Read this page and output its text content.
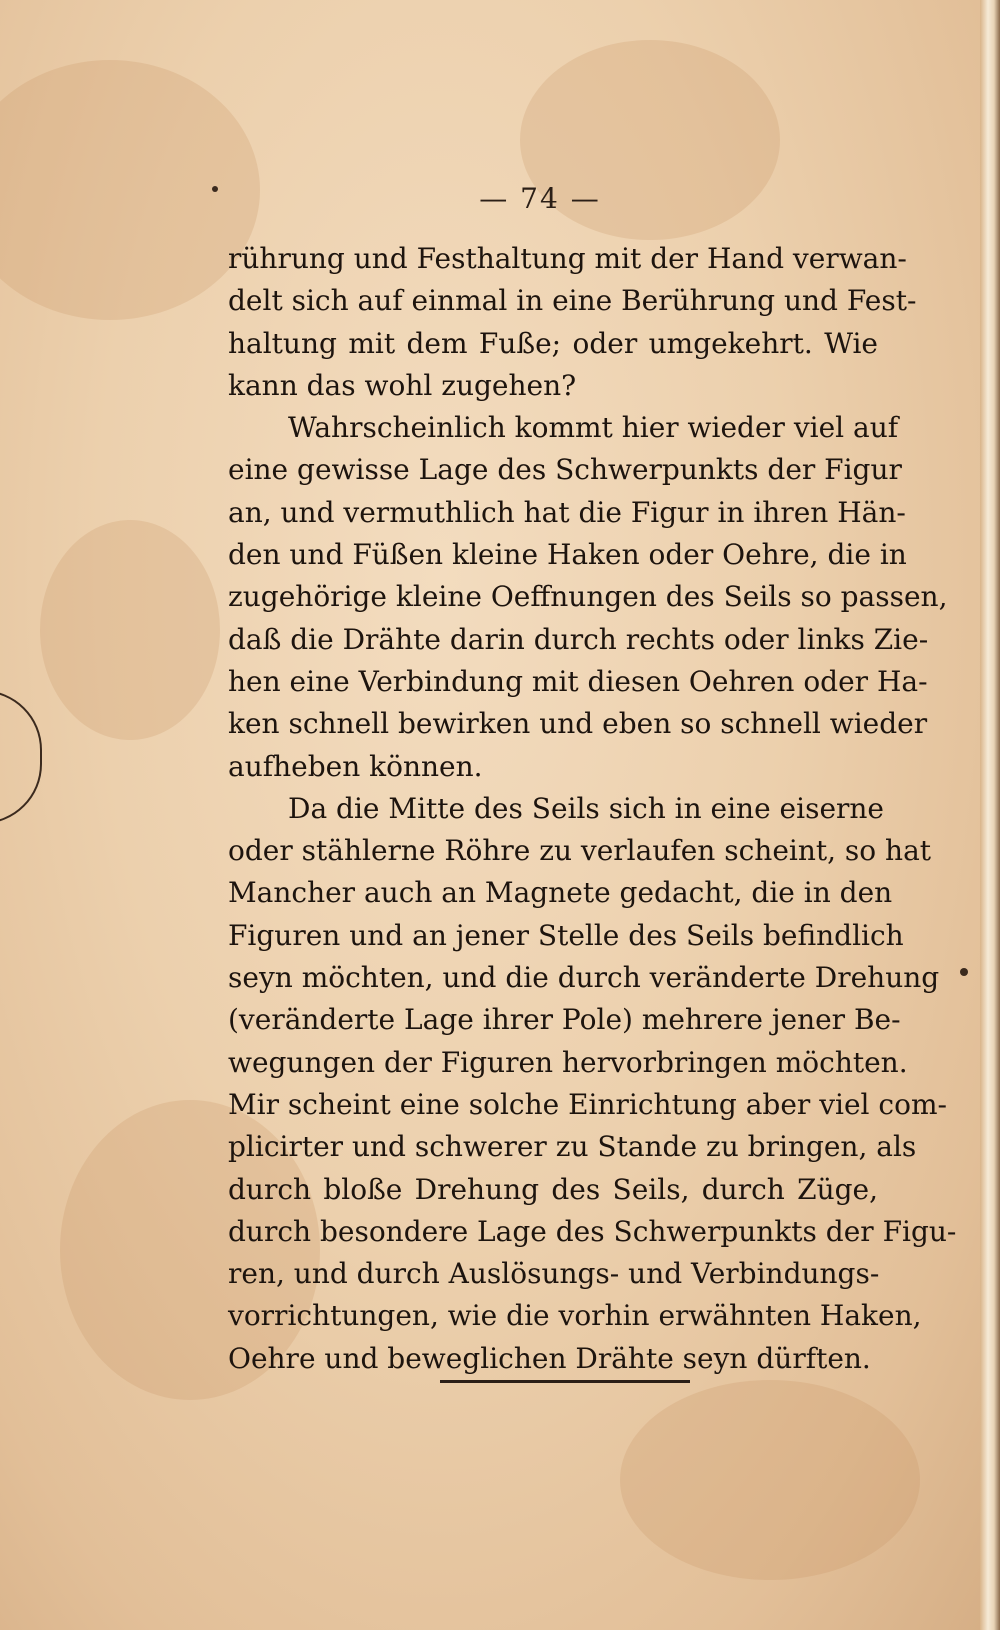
— 74 —
rührung und Festhaltung mit der Hand verwan-
delt sich auf einmal in eine Berührung und Fest-
haltung mit dem Fuße; oder umgekehrt. Wie
kann das wohl zugehen?
Wahrscheinlich kommt hier wieder viel auf
eine gewisse Lage des Schwerpunkts der Figur
an, und vermuthlich hat die Figur in ihren Hän-
den und Füßen kleine Haken oder Oehre, die in
zugehörige kleine Oeffnungen des Seils so passen,
daß die Drähte darin durch rechts oder links Zie-
hen eine Verbindung mit diesen Oehren oder Ha-
ken schnell bewirken und eben so schnell wieder
aufheben können.
Da die Mitte des Seils sich in eine eiserne
oder stählerne Röhre zu verlaufen scheint, so hat
Mancher auch an Magnete gedacht, die in den
Figuren und an jener Stelle des Seils befindlich
seyn möchten, und die durch veränderte Drehung
(veränderte Lage ihrer Pole) mehrere jener Be-
wegungen der Figuren hervorbringen möchten.
Mir scheint eine solche Einrichtung aber viel com-
plicirter und schwerer zu Stande zu bringen, als
durch bloße Drehung des Seils, durch Züge,
durch besondere Lage des Schwerpunkts der Figu-
ren, und durch Auslösungs- und Verbindungs-
vorrichtungen, wie die vorhin erwähnten Haken,
Oehre und beweglichen Drähte seyn dürften.
